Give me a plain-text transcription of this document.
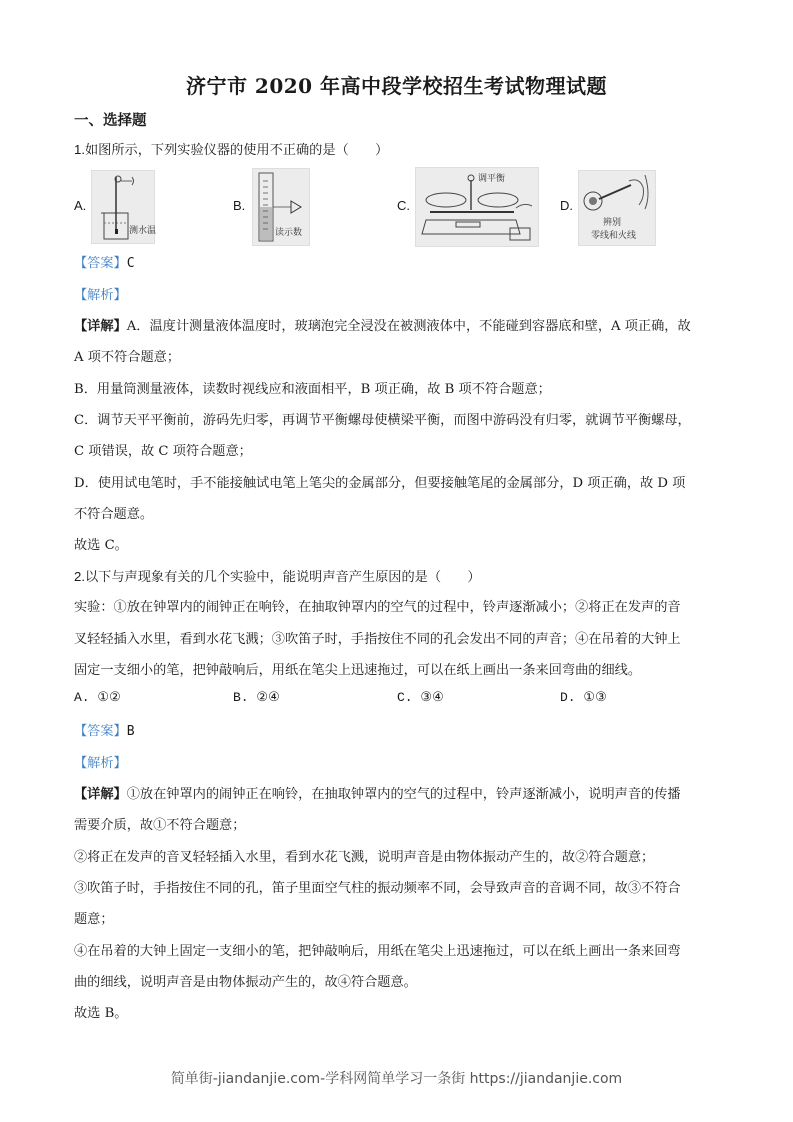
济宁市 2020 年高中段学校招生考试物理试题
一、选择题
1.如图所示，下列实验仪器的使用不正确的是（　　）
A.
测水温
B.
读示数
C.
调平衡
D.
辨别
零线和火线
【答案】C
【解析】
【详解】A．温度计测量液体温度时，玻璃泡完全浸没在被测液体中，不能碰到容器底和壁，A 项正确，故
A 项不符合题意；
B．用量筒测量液体，读数时视线应和液面相平，B 项正确，故 B 项不符合题意；
C．调节天平平衡前，游码先归零，再调节平衡螺母使横梁平衡，而图中游码没有归零，就调节平衡螺母，
C 项错误，故 C 项符合题意；
D．使用试电笔时，手不能接触试电笔上笔尖的金属部分，但要接触笔尾的金属部分，D 项正确，故 D 项
不符合题意。
故选 C。
2.以下与声现象有关的几个实验中，能说明声音产生原因的是（　　）
实验：①放在钟罩内的闹钟正在响铃，在抽取钟罩内的空气的过程中，铃声逐渐减小；②将正在发声的音
叉轻轻插入水里，看到水花飞溅；③吹笛子时，手指按住不同的孔会发出不同的声音；④在吊着的大钟上
固定一支细小的笔，把钟敲响后，用纸在笔尖上迅速拖过，可以在纸上画出一条来回弯曲的细线。
A. ①②	B. ②④	C. ③④	D. ①③
【答案】B
【解析】
【详解】①放在钟罩内的闹钟正在响铃，在抽取钟罩内的空气的过程中，铃声逐渐减小，说明声音的传播
需要介质，故①不符合题意；
②将正在发声的音叉轻轻插入水里，看到水花飞溅，说明声音是由物体振动产生的，故②符合题意；
③吹笛子时，手指按住不同的孔，笛子里面空气柱的振动频率不同，会导致声音的音调不同，故③不符合
题意；
④在吊着的大钟上固定一支细小的笔，把钟敲响后，用纸在笔尖上迅速拖过，可以在纸上画出一条来回弯
曲的细线，说明声音是由物体振动产生的，故④符合题意。
故选 B。
简单街-jiandanjie.com-学科网简单学习一条街 https://jiandanjie.com
